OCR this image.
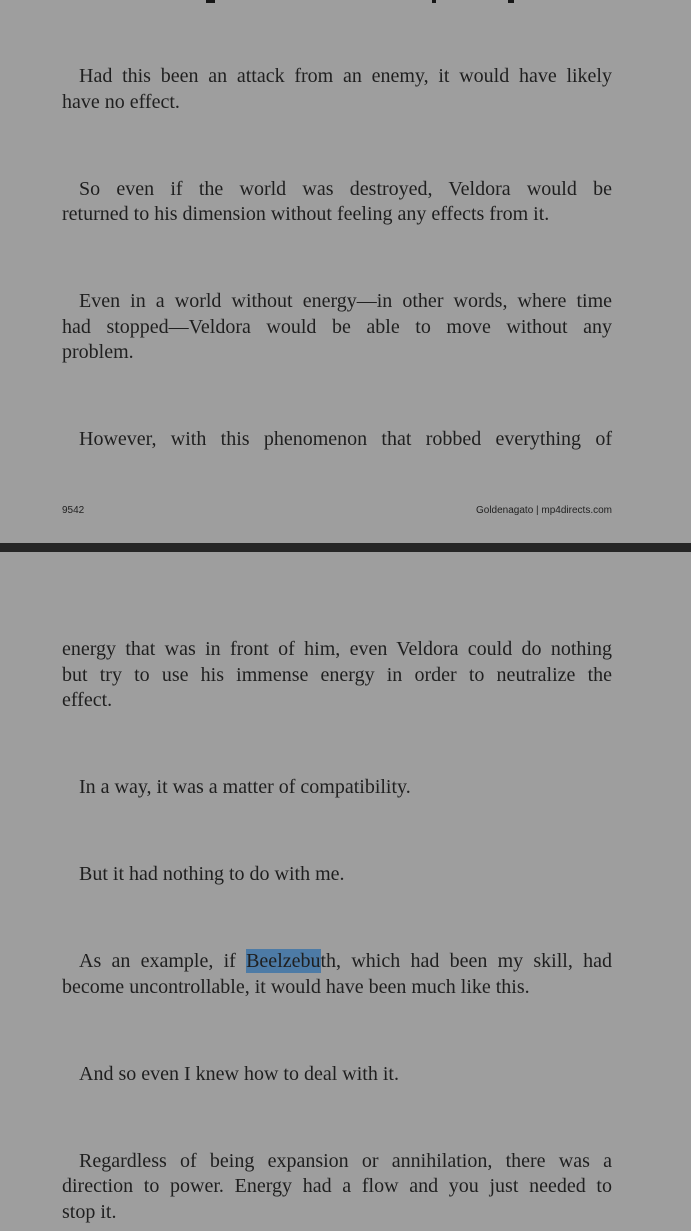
Had this been an attack from an enemy, it would have likely
have no effect.
So even if the world was destroyed, Veldora would be
returned to his dimension without feeling any effects from it.
Even in a world without energy—in other words, where time
had stopped—Veldora would be able to move without any
problem.
However, with this phenomenon that robbed everything of
9542	Goldenagato | mp4directs.com
energy that was in front of him, even Veldora could do nothing
but try to use his immense energy in order to neutralize the
effect.
In a way, it was a matter of compatibility.
But it had nothing to do with me.
As an example, if Beelzebuth, which had been my skill, had
become uncontrollable, it would have been much like this.
And so even I knew how to deal with it.
Regardless of being expansion or annihilation, there was a
direction to power. Energy had a flow and you just needed to
stop it.
